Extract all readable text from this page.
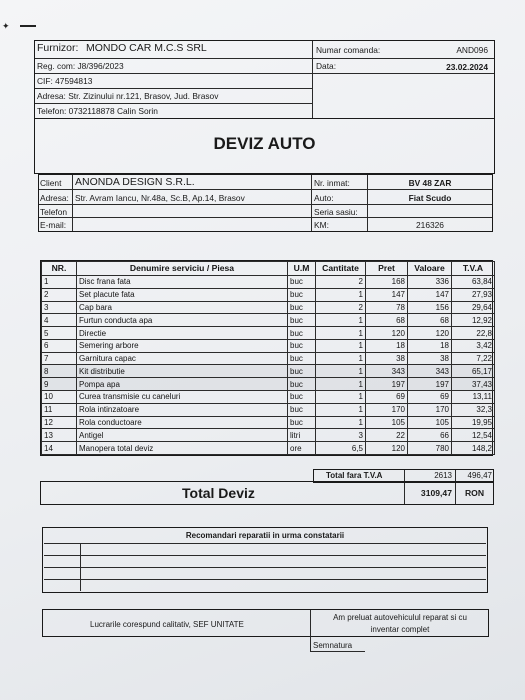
✦
Furnizor: MONDO CAR M.C.S SRL
Reg. com: J8/396/2023
CIF: 47594813
Adresa: Str. Zizinului nr.121, Brasov, Jud. Brasov
Telefon: 0732118878 Calin Sorin
Numar comanda:	AND096
Data:	23.02.2024
DEVIZ AUTO
Client ANONDA DESIGN S.R.L.
Adresa: Str. Avram Iancu, Nr.48a, Sc.B, Ap.14, Brasov
Telefon
E-mail:
Nr. inmat:	BV 48 ZAR
Auto:	Fiat Scudo
Seria sasiu:
KM:	216326
NR.	Denumire serviciu / Piesa	U.M	Cantitate	Pret	Valoare	T.V.A
1	Disc frana fata	buc	2	168	336	63,84
2	Set placute fata	buc	1	147	147	27,93
3	Cap bara	buc	2	78	156	29,64
4	Furtun conducta apa	buc	1	68	68	12,92
5	Directie	buc	1	120	120	22,8
6	Semering arbore	buc	1	18	18	3,42
7	Garnitura capac	buc	1	38	38	7,22
8	Kit distributie	buc	1	343	343	65,17
9	Pompa apa	buc	1	197	197	37,43
10	Curea transmisie cu caneluri	buc	1	69	69	13,11
11	Rola intinzatoare	buc	1	170	170	32,3
12	Rola conductoare	buc	1	105	105	19,95
13	Antigel	litri	3	22	66	12,54
14	Manopera total deviz	ore	6,5	120	780	148,2
Total fara T.V.A	2613	496,47
Total Deviz	3109,47	RON
Recomandari reparatii in urma constatarii
Lucrarile corespund calitativ, SEF UNITATE
Am preluat autovehiculul reparat si cu
inventar complet
Semnatura
